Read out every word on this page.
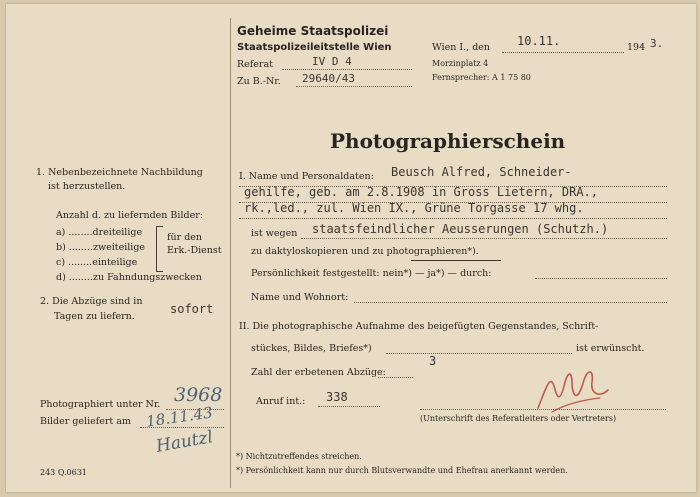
Geheime Staatspolizei
Staatspolizeileitstelle Wien
Referat	IV D 4
Zu B.-Nr. 29640/43
Wien I., den 10.11.	194 3.
Morzinplatz 4
Fernsprecher: A 1 75 80
Photographierschein
1. Nebenbezeichnete Nachbildung
ist herzustellen.
Anzahl d. zu liefernden Bilder:
a) ........dreiteilige
b) ........zweiteilige
c) ........einteilige
d) ........zu Fahndungszwecken
für den
Erk.-Dienst
2. Die Abzüge sind in
Tagen zu liefern.
sofort
Photographiert unter Nr. 3968
Bilder geliefert am 18.11.43
Hautzl
243 Q.0631
I. Name und Personaldaten: Beusch Alfred, Schneider-
gehilfe, geb. am 2.8.1908 in Gross Lietern, DRA.,
rk.,led., zul. Wien IX., Grüne Torgasse 17 whg.
ist wegen staatsfeindlicher Aeusserungen (Schutzh.)
zu daktyloskopieren und zu photographieren*).
Persönlichkeit festgestellt: nein*) — ja*) — durch:
Name und Wohnort:
II. Die photographische Aufnahme des beigefügten Gegenstandes, Schrift-
stückes, Bildes, Briefes*)	ist erwünscht.
3
Zahl der erbetenen Abzüge:
Anruf int.: 338
(Unterschrift des Referatleiters oder Vertreters)
*) Nichtzutreffendes streichen.
*) Persönlichkeit kann nur durch Blutsverwandte und Ehefrau anerkannt werden.
